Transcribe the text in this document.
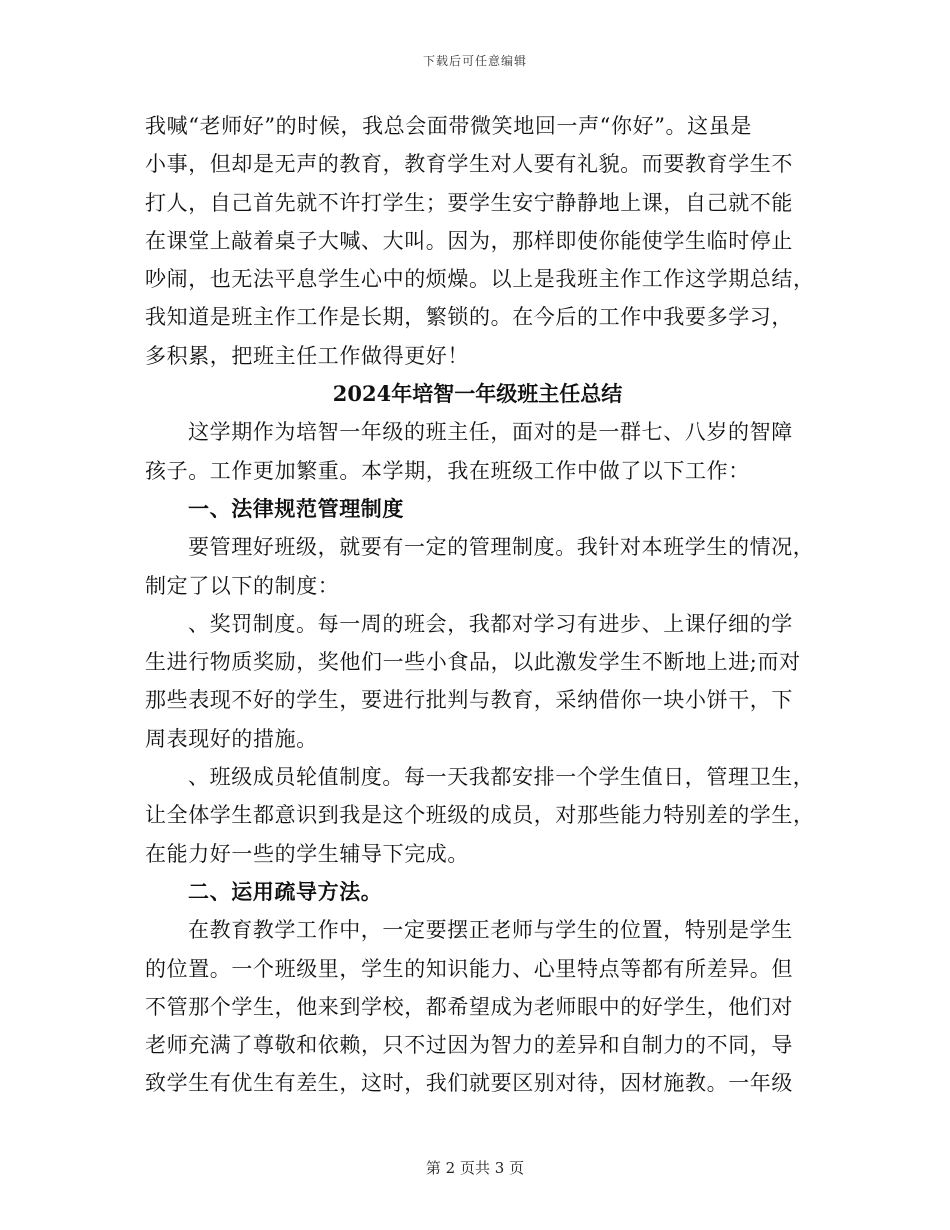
下载后可任意编辑
我喊“老师好”的时候，我总会面带微笑地回一声“你好”。这虽是
小事，但却是无声的教育，教育学生对人要有礼貌。而要教育学生不
打人，自己首先就不许打学生；要学生安宁静静地上课，自己就不能
在课堂上敲着桌子大喊、大叫。因为，那样即使你能使学生临时停止
吵闹，也无法平息学生心中的烦燥。以上是我班主作工作这学期总结，
我知道是班主作工作是长期，繁锁的。在今后的工作中我要多学习，
多积累，把班主任工作做得更好！
2024年培智一年级班主任总结
这学期作为培智一年级的班主任，面对的是一群七、八岁的智障
孩子。工作更加繁重。本学期，我在班级工作中做了以下工作：
一、法律规范管理制度
要管理好班级，就要有一定的管理制度。我针对本班学生的情况，
制定了以下的制度：
、奖罚制度。每一周的班会，我都对学习有进步、上课仔细的学
生进行物质奖励，奖他们一些小食品，以此激发学生不断地上进;而对
那些表现不好的学生，要进行批判与教育，采纳借你一块小饼干，下
周表现好的措施。
、班级成员轮值制度。每一天我都安排一个学生值日，管理卫生，
让全体学生都意识到我是这个班级的成员，对那些能力特别差的学生，
在能力好一些的学生辅导下完成。
二、运用疏导方法。
在教育教学工作中，一定要摆正老师与学生的位置，特别是学生
的位置。一个班级里，学生的知识能力、心里特点等都有所差异。但
不管那个学生，他来到学校，都希望成为老师眼中的好学生，他们对
老师充满了尊敬和依赖，只不过因为智力的差异和自制力的不同，导
致学生有优生有差生，这时，我们就要区别对待，因材施教。一年级
第 2 页共 3 页
